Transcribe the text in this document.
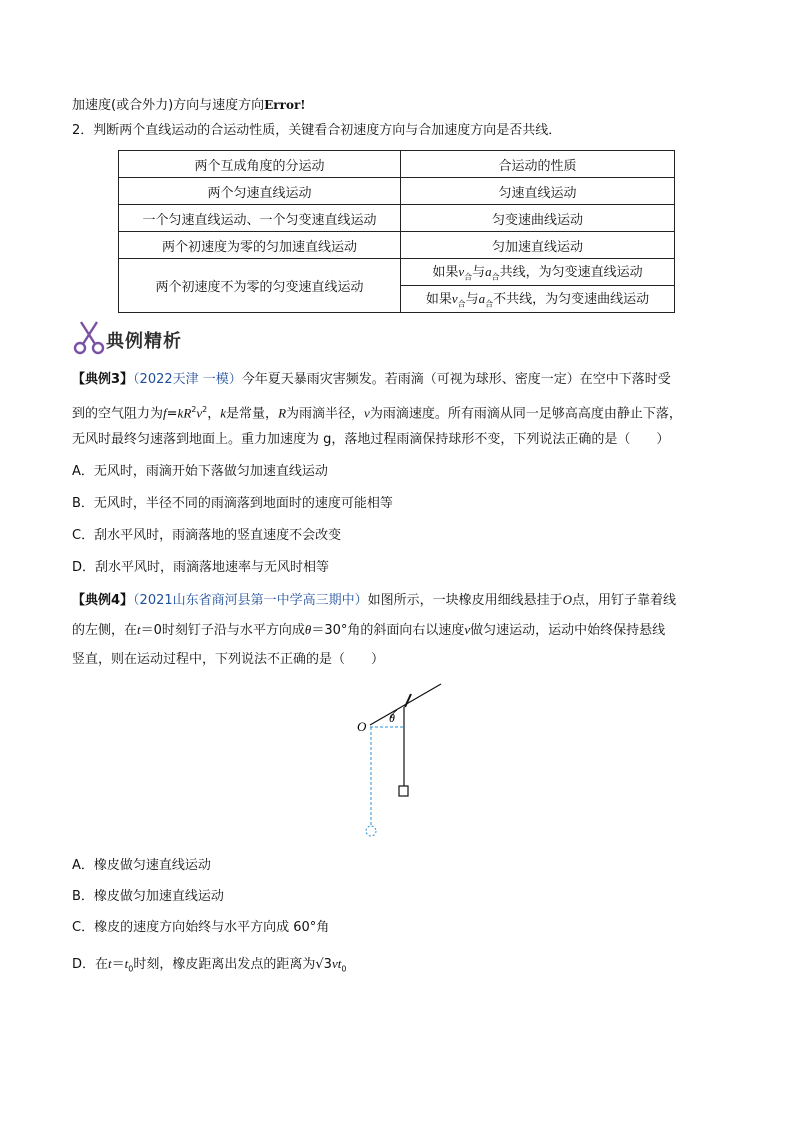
加速度(或合外力)方向与速度方向Error!
2．判断两个直线运动的合运动性质，关键看合初速度方向与合加速度方向是否共线．
两个互成角度的分运动	合运动的性质
两个匀速直线运动	匀速直线运动
一个匀速直线运动、一个匀变速直线运动	匀变速曲线运动
两个初速度为零的匀加速直线运动	匀加速直线运动
两个初速度不为零的匀变速直线运动	如果$v_合$与$a_合$共线，为匀变速直线运动
	如果$v_合$与$a_合$不共线，为匀变速曲线运动
典例精析
【典例3】（2022天津 一模）今年夏天暴雨灾害频发。若雨滴（可视为球形、密度一定）在空中下落时受
到的空气阻力为$f=kR^2v^2$，k是常量，R为雨滴半径，v为雨滴速度。所有雨滴从同一足够高高度由静止下落，
无风时最终匀速落到地面上。重力加速度为 g，落地过程雨滴保持球形不变，下列说法正确的是（　　）
A．无风时，雨滴开始下落做匀加速直线运动
B．无风时，半径不同的雨滴落到地面时的速度可能相等
C．刮水平风时，雨滴落地的竖直速度不会改变
D．刮水平风时，雨滴落地速率与无风时相等
【典例4】（2021山东省商河县第一中学高三期中）如图所示，一块橡皮用细线悬挂于O点，用钉子靠着线
的左侧，在t＝0时刻钉子沿与水平方向成θ＝30°角的斜面向右以速度v做匀速运动，运动中始终保持悬线
竖直，则在运动过程中，下列说法不正确的是（　　）
O
θ
A．橡皮做匀速直线运动
B．橡皮做匀加速直线运动
C．橡皮的速度方向始终与水平方向成 60°角
D．在$t=t_0$时刻，橡皮距离出发点的距离为$√3vt_0$
